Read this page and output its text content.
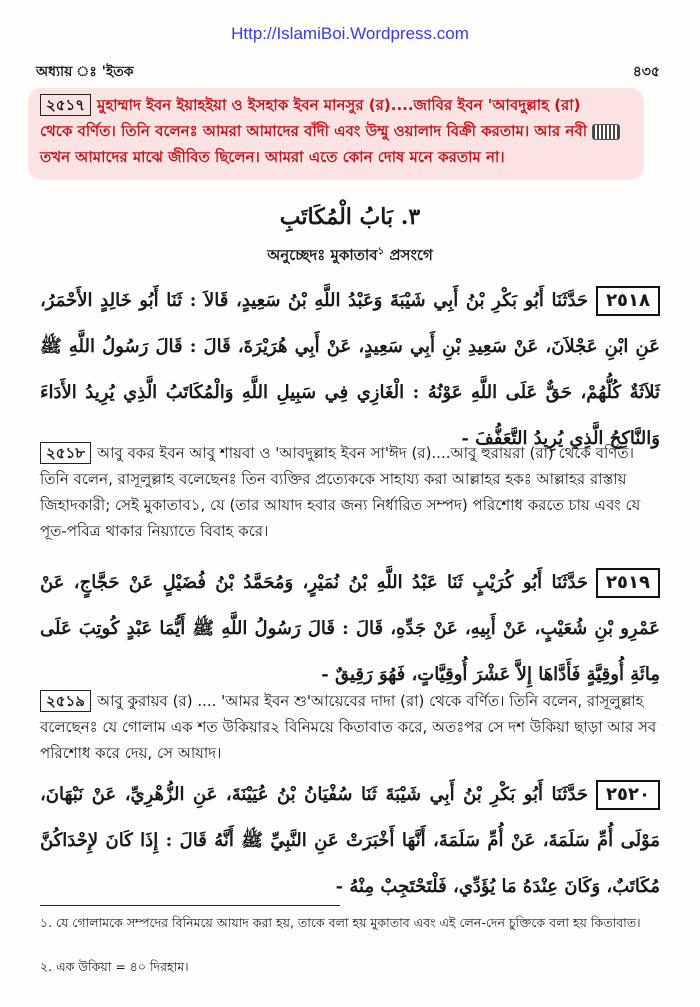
Http://IslamiBoi.Wordpress.com
অধ্যায় ঃ 'ইতক	৪৩৫
২৫১৭ মুহাম্মাদ ইবন ইয়াহইয়া ও ইসহাক ইবন মানসুর (র)....জাবির ইবন 'আবদুল্লাহ (রা)
থেকে বর্ণিত। তিনি বলেনঃ আমরা আমাদের বাঁদী এবং উম্মু ওয়ালাদ বিক্রী করতাম। আর নবী
তখন আমাদের মাঝে জীবিত ছিলেন। আমরা এতে কোন দোষ মনে করতাম না।
٣. بَابُ الْمُكَاتَبِ
অনুচ্ছেদঃ মুকাতাব$^১$ প্রসংগে
٢٥١٨حَدَّثَنَا أَبُو بَكْرِ بْنُ أَبِي شَيْبَةَ وَعَبْدُ اللَّهِ بْنُ سَعِيدٍ، قَالاَ : ثَنَا أَبُو خَالِدٍ الأَحْمَرُ، عَنِ ابْنِ عَجْلاَنَ، عَنْ سَعِيدِ بْنِ أَبِي سَعِيدٍ، عَنْ أَبِي هُرَيْرَةَ، قَالَ : قَالَ رَسُولُ اللَّهِ ﷺ ثَلاَثَةٌ كُلُّهُمْ، حَقٌّ عَلَى اللَّهِ عَوْنُهُ : الْغَازِي فِي سَبِيلِ اللَّهِ وَالْمُكَاتَبُ الَّذِي يُرِيدُ الأَدَاءَ وَالنَّاكِحُ الَّذِي يُرِيدُ التَّعَفُّفَ -
২৫১৮ আবু বকর ইবন আবু শায়বা ও 'আবদুল্লাহ ইবন সা'ঈদ (র)....আবু হুরায়রা (রা) থেকে বর্ণিত। তিনি বলেন, রাসূলুল্লাহ বলেছেনঃ তিন ব্যক্তির প্রত্যেককে সাহায্য করা আল্লাহর হকঃ আল্লাহর রাস্তায় জিহাদকারী; সেই মুকাতাব১, যে (তার আযাদ হবার জন্য নির্ধারিত সম্পদ) পরিশোধ করতে চায় এবং যে পূত-পবিত্র থাকার নিয়্যাতে বিবাহ করে।
٢٥١٩حَدَّثَنَا أَبُو كُرَيْبٍ ثَنَا عَبْدُ اللَّهِ بْنُ نُمَيْرٍ، وَمُحَمَّدُ بْنُ فُضَيْلٍ عَنْ حَجَّاجٍ، عَنْ عَمْرِو بْنِ شُعَيْبٍ، عَنْ أَبِيهِ، عَنْ جَدِّهِ، قَالَ : قَالَ رَسُولُ اللَّهِ ﷺ أَيُّمَا عَبْدٍ كُوتِبَ عَلَى مِائَةِ أُوقِيَّةٍ فَأَدَّاهَا إِلاَّ عَشْرَ أُوقِيَّاتٍ، فَهُوَ رَقِيقٌ -
২৫১৯ আবু কুরায়ব (র) .... 'আমর ইবন শু'আয়েবের দাদা (রা) থেকে বর্ণিত। তিনি বলেন, রাসূলুল্লাহ বলেছেনঃ যে গোলাম এক শত উকিয়ার২ বিনিময়ে কিতাবাত করে, অতঃপর সে দশ উকিয়া ছাড়া আর সব পরিশোধ করে দেয়, সে আযাদ।
٢٥٢٠حَدَّثَنَا أَبُو بَكْرِ بْنُ أَبِي شَيْبَةَ ثَنَا سُفْيَانُ بْنُ عُيَيْنَةَ، عَنِ الزُّهْرِيِّ، عَنْ نَبْهَانَ، مَوْلَى أُمِّ سَلَمَةَ، عَنْ أُمِّ سَلَمَةَ، أَنَّهَا أَخْبَرَتْ عَنِ النَّبِيِّ ﷺ أَنَّهُ قَالَ : إِذَا كَانَ لإِحْدَاكُنَّ مُكَاتَبٌ، وَكَانَ عِنْدَهُ مَا يُؤَدِّي، فَلْتَحْتَجِبْ مِنْهُ -
১. যে গোলামকে সম্পদের বিনিময়ে আযাদ করা হয়, তাকে বলা হয় মুকাতাব এবং এই লেন-দেন চুক্তিকে বলা হয় কিতাবাত।
২. এক উকিয়া = ৪০ দিরহাম।
